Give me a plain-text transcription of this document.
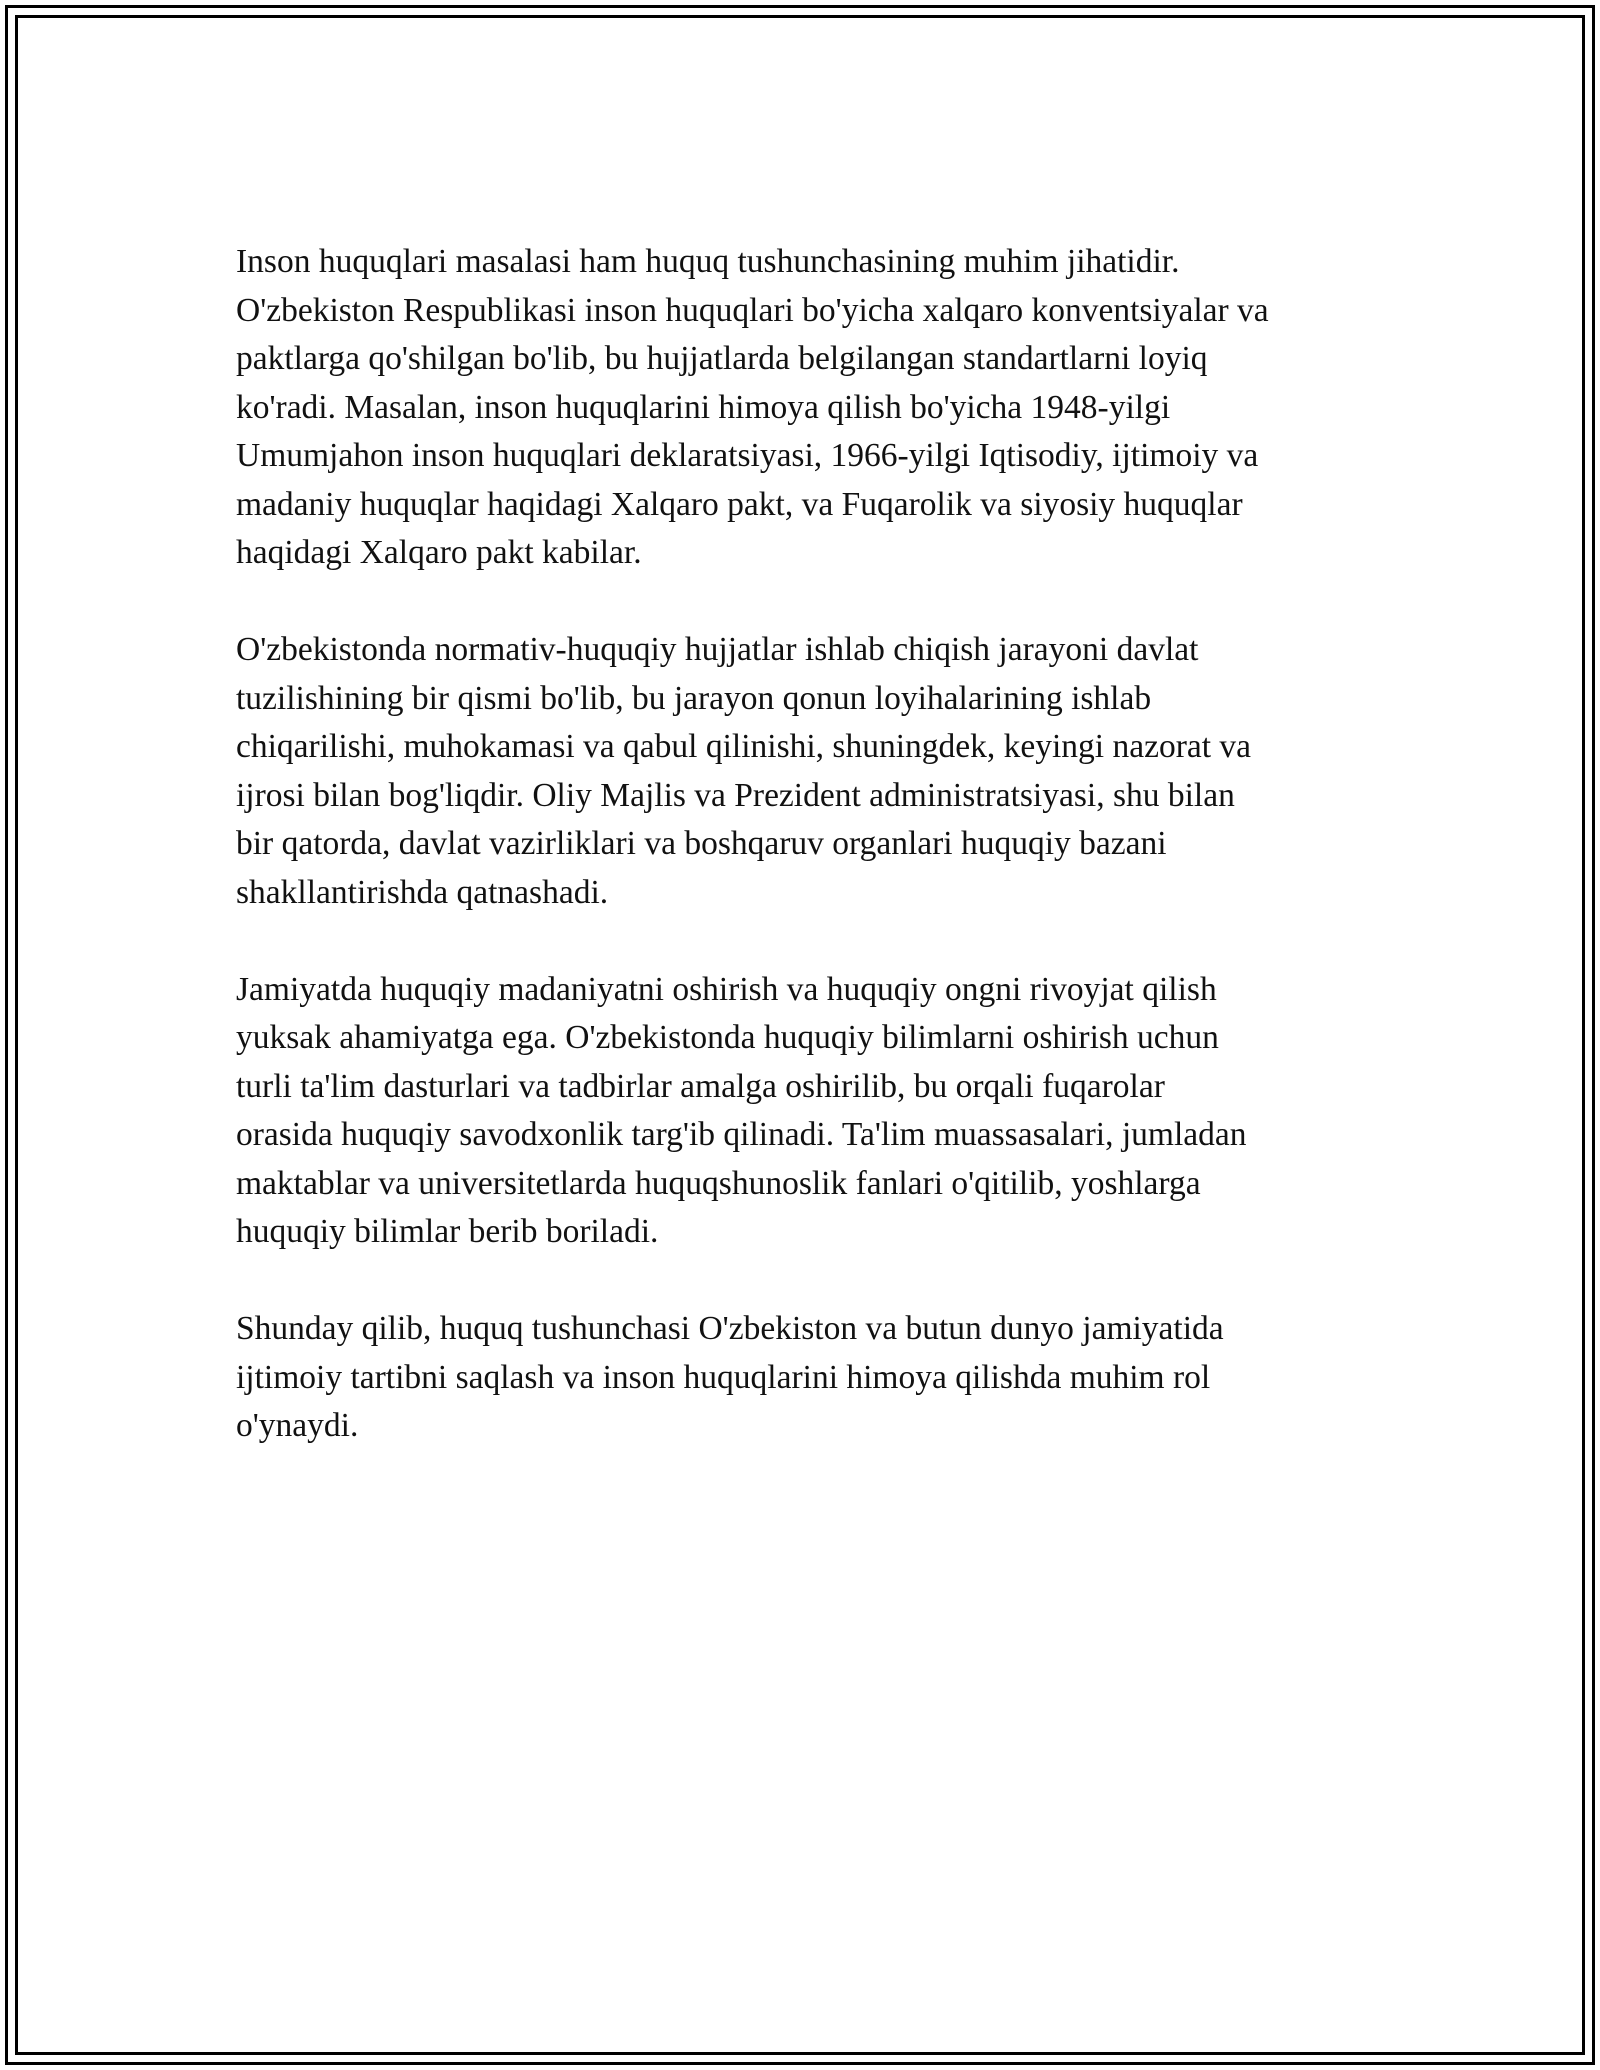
Inson huquqlari masalasi ham huquq tushunchasining muhim jihatidir.
O'zbekiston Respublikasi inson huquqlari bo'yicha xalqaro konventsiyalar va
paktlarga qo'shilgan bo'lib, bu hujjatlarda belgilangan standartlarni loyiq
ko'radi. Masalan, inson huquqlarini himoya qilish bo'yicha 1948-yilgi
Umumjahon inson huquqlari deklaratsiyasi, 1966-yilgi Iqtisodiy, ijtimoiy va
madaniy huquqlar haqidagi Xalqaro pakt, va Fuqarolik va siyosiy huquqlar
haqidagi Xalqaro pakt kabilar.

O'zbekistonda normativ-huquqiy hujjatlar ishlab chiqish jarayoni davlat
tuzilishining bir qismi bo'lib, bu jarayon qonun loyihalarining ishlab
chiqarilishi, muhokamasi va qabul qilinishi, shuningdek, keyingi nazorat va
ijrosi bilan bog'liqdir. Oliy Majlis va Prezident administratsiyasi, shu bilan
bir qatorda, davlat vazirliklari va boshqaruv organlari huquqiy bazani
shakllantirishda qatnashadi.

Jamiyatda huquqiy madaniyatni oshirish va huquqiy ongni rivoyjat qilish
yuksak ahamiyatga ega. O'zbekistonda huquqiy bilimlarni oshirish uchun
turli ta'lim dasturlari va tadbirlar amalga oshirilib, bu orqali fuqarolar
orasida huquqiy savodxonlik targ'ib qilinadi. Ta'lim muassasalari, jumladan
maktablar va universitetlarda huquqshunoslik fanlari o'qitilib, yoshlarga
huquqiy bilimlar berib boriladi.

Shunday qilib, huquq tushunchasi O'zbekiston va butun dunyo jamiyatida
ijtimoiy tartibni saqlash va inson huquqlarini himoya qilishda muhim rol
o'ynaydi.
